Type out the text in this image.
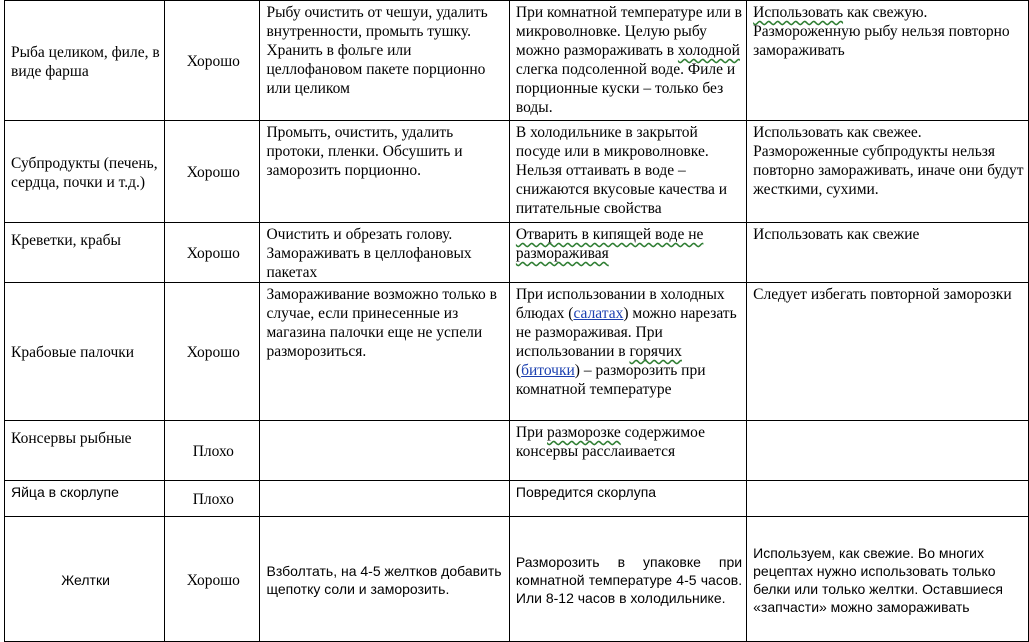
Рыба целиком, филе, в виде фарша	Хорошо	Рыбу очистить от чешуи, удалить внутренности, промыть тушку. Хранить в фольге или целлофановом пакете порционно или целиком	При комнатной температуре или в микроволновке. Целую рыбу можно размораживать в холодной слегка подсоленной воде. Филе и порционные куски – только без воды.	Использовать как свежую. Размороженную рыбу нельзя повторно замораживать
Субпродукты (печень, сердца, почки и т.д.)	Хорошо	Промыть, очистить, удалить протоки, пленки. Обсушить и заморозить порционно.	В холодильнике в закрытой посуде или в микроволновке. Нельзя оттаивать в воде – снижаются вкусовые качества и питательные свойства	Использовать как свежее. Размороженные субпродукты нельзя повторно замораживать, иначе они будут жесткими, сухими.
Креветки, крабы	Хорошо	Очистить и обрезать голову. Замораживать в целлофановых пакетах	Отварить в кипящей воде не размораживая	Использовать как свежие
Крабовые палочки	Хорошо	Замораживание возможно только в случае, если принесенные из магазина палочки еще не успели разморозиться.	При использовании в холодных блюдах (салатах) можно нарезать не размораживая. При использовании в горячих (биточки) – разморозить при комнатной температуре	Следует избегать повторной заморозки
Консервы рыбные	Плохо		При разморозке содержимое консервы расслаивается	
Яйца в скорлупе	Плохо		Повредится скорлупа	
Желтки	Хорошо	Взболтать, на 4-5 желтков добавить щепотку соли и заморозить.	Разморозить в упаковке при комнатной температуре 4-5 часов. Или 8-12 часов в холодильнике.	Используем, как свежие. Во многих рецептах нужно использовать только белки или только желтки. Оставшиеся «запчасти» можно замораживать
